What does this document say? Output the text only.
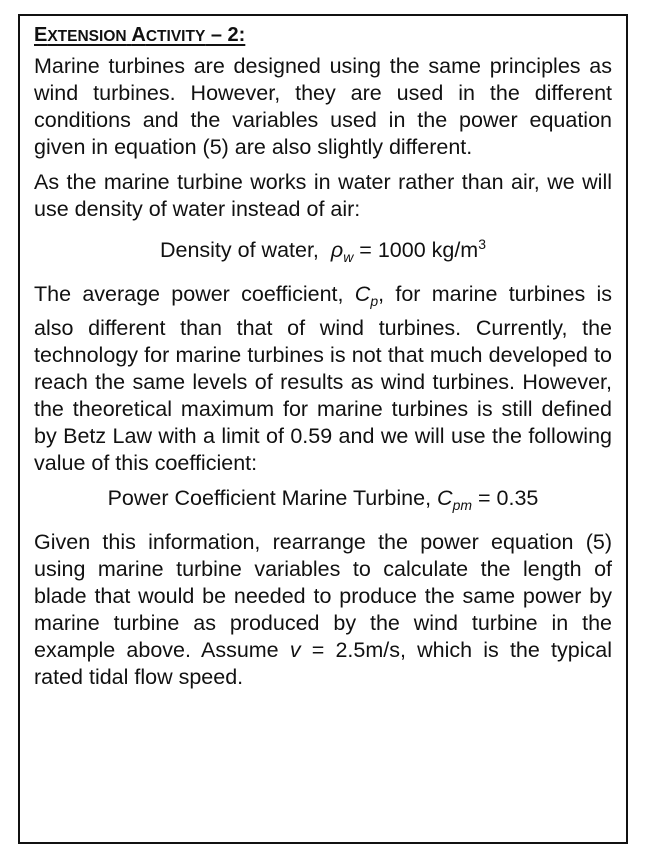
EXTENSION ACTIVITY – 2:

Marine turbines are designed using the same principles as wind turbines. However, they are used in the different conditions and the variables used in the power equation given in equation (5) are also slightly different.

As the marine turbine works in water rather than air, we will use density of water instead of air:

Density of water, $\rho_w = 1000$ $kg/m^3$

The average power coefficient, $C_p$, for marine turbines is also different than that of wind turbines. Currently, the technology for marine turbines is not that much developed to reach the same levels of results as wind turbines. However, the theoretical maximum for marine turbines is still defined by Betz Law with a limit of 0.59 and we will use the following value of this coefficient:

Power Coefficient Marine Turbine, $C_{pm} = 0.35$

Given this information, rearrange the power equation (5) using marine turbine variables to calculate the length of blade that would be needed to produce the same power by marine turbine as produced by the wind turbine in the example above. Assume v = 2.5m/s, which is the typical rated tidal flow speed.
